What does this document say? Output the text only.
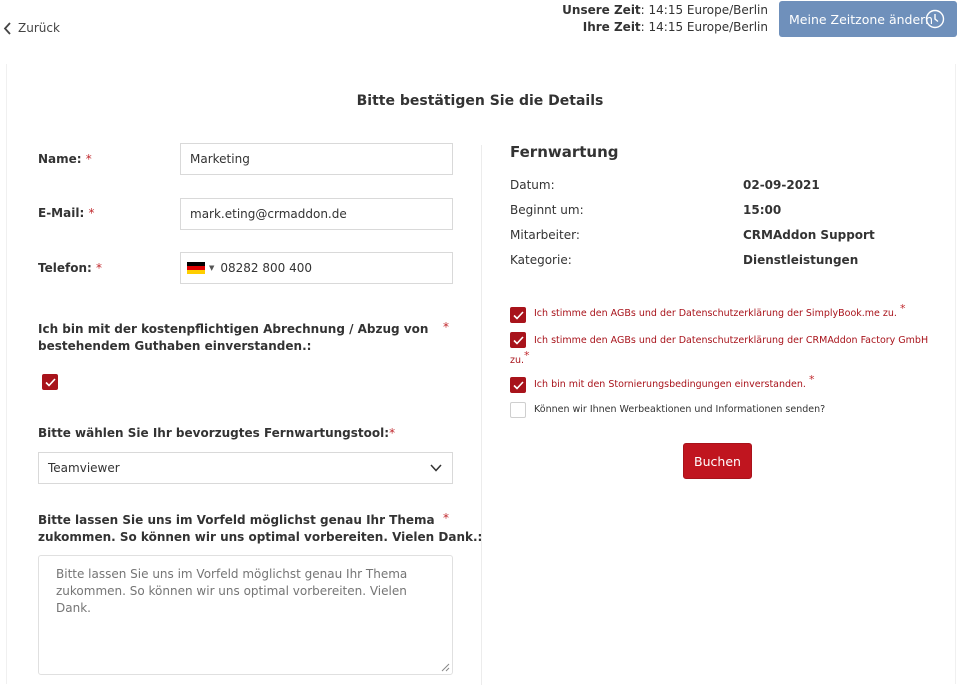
Zurück
Unsere Zeit: 14:15 Europe/Berlin
Ihre Zeit: 14:15 Europe/Berlin
Meine Zeitzone ändern
Bitte bestätigen Sie die Details
Name: *	Marketing
E-Mail: *	mark.eting@crmaddon.de
Telefon: *	▼ 08282 800 400
Ich bin mit der kostenpflichtigen Abrechnung / Abzug von
bestehendem Guthaben einverstanden.:
*
Bitte wählen Sie Ihr bevorzugtes Fernwartungstool:*
Teamviewer
Bitte lassen Sie uns im Vorfeld möglichst genau Ihr Thema
zukommen. So können wir uns optimal vorbereiten. Vielen Dank.:
*
Bitte lassen Sie uns im Vorfeld möglichst genau Ihr Thema zukommen. So können wir uns optimal vorbereiten. Vielen Dank.
Fernwartung
Datum:	02-09-2021
Beginnt um:	15:00
Mitarbeiter:	CRMAddon Support
Kategorie:	Dienstleistungen
Ich stimme den AGBs und der Datenschutzerklärung der SimplyBook.me zu. *
Ich stimme den AGBs und der Datenschutzerklärung der CRMAddon Factory GmbH
zu.*
Ich bin mit den Stornierungsbedingungen einverstanden. *
Können wir Ihnen Werbeaktionen und Informationen senden?
Buchen
